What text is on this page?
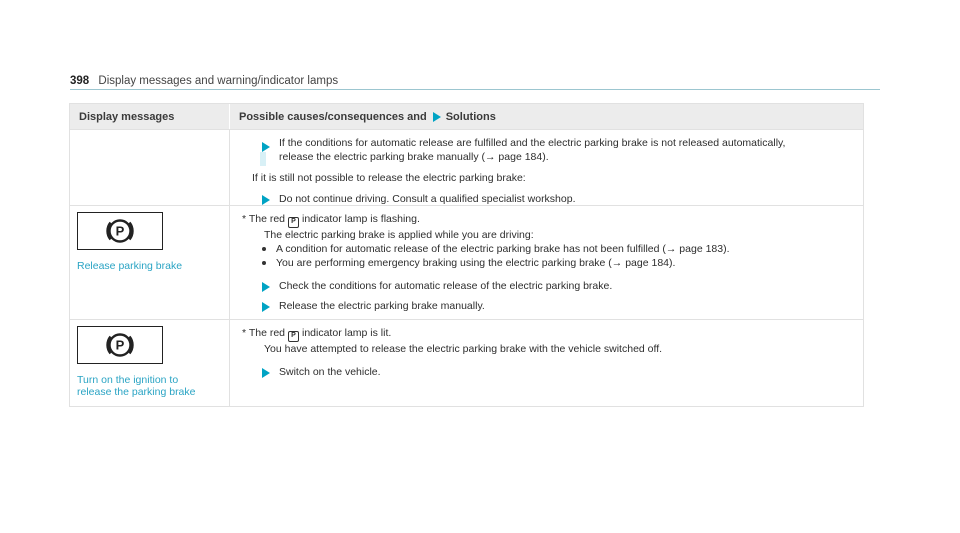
398 Display messages and warning/indicator lamps
Display messages	Possible causes/consequences and Solutions
If the conditions for automatic release are fulfilled and the electric parking brake is not released automatically,
release the electric parking brake manually (→ page 184).
If it is still not possible to release the electric parking brake:
Do not continue driving. Consult a qualified specialist workshop.
P
Release parking brake
* The red P indicator lamp is flashing.
The electric parking brake is applied while you are driving:
A condition for automatic release of the electric parking brake has not been fulfilled (→ page 183).
You are performing emergency braking using the electric parking brake (→ page 184).
Check the conditions for automatic release of the electric parking brake.
Release the electric parking brake manually.
P
Turn on the ignition to
release the parking brake
* The red P indicator lamp is lit.
You have attempted to release the electric parking brake with the vehicle switched off.
Switch on the vehicle.
